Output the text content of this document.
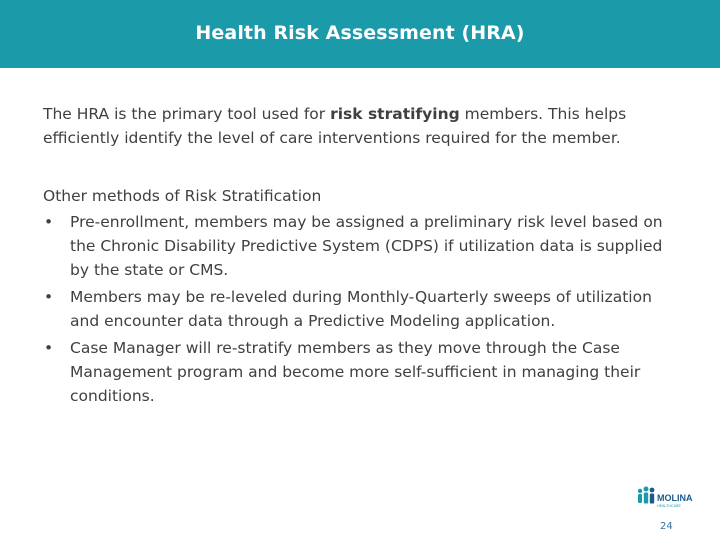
Health Risk Assessment (HRA)

The HRA is the primary tool used for risk stratifying members. This helps efficiently identify the level of care interventions required for the member.

Other methods of Risk Stratification
• Pre-enrollment, members may be assigned a preliminary risk level based on the Chronic Disability Predictive System (CDPS) if utilization data is supplied by the state or CMS.
• Members may be re-leveled during Monthly-Quarterly sweeps of utilization and encounter data through a Predictive Modeling application.
• Case Manager will re-stratify members as they move through the Case Management program and become more self-sufficient in managing their conditions.
MOLINA
HEALTHCARE
24
